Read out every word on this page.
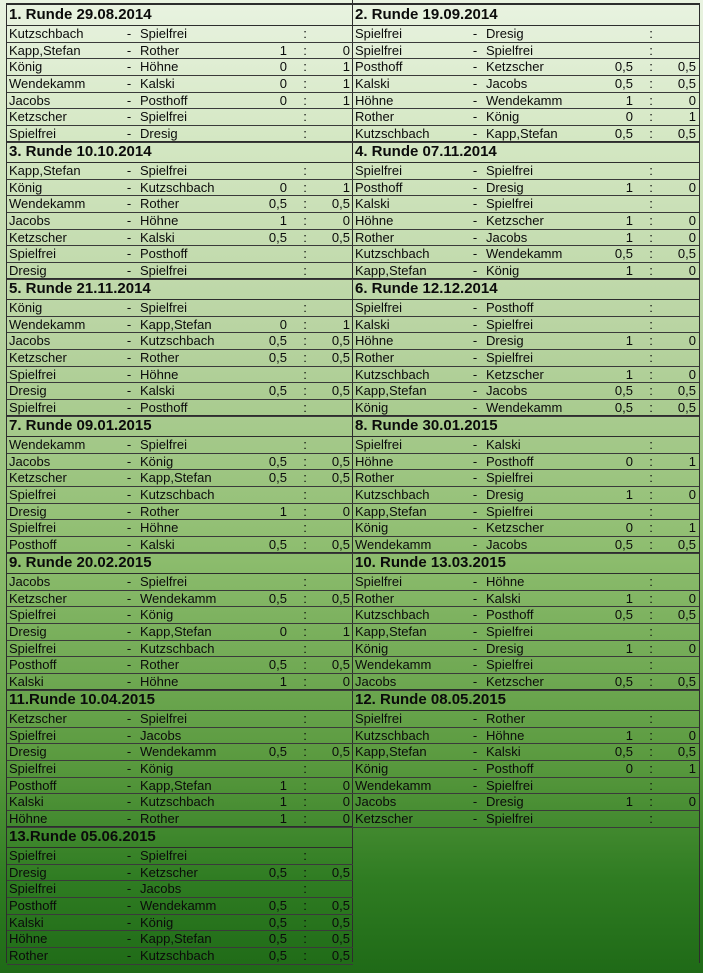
1. Runde 29.08.2014
Kutzschbach	- Spielfrei	:
Kapp,Stefan	- Rother	1 :	0
König	- Höhne	0 :	1
Wendekamm	- Kalski	0 :	1
Jacobs	- Posthoff	0 :	1
Ketzscher	- Spielfrei	:
Spielfrei	- Dresig	:
2. Runde 19.09.2014
Spielfrei	- Dresig	:
Spielfrei	- Spielfrei	:
Posthoff	- Ketzscher	0,5 :	0,5
Kalski	- Jacobs	0,5 :	0,5
Höhne	- Wendekamm	1 :	0
Rother	- König	0 :	1
Kutzschbach	- Kapp,Stefan	0,5 :	0,5
3. Runde 10.10.2014
Kapp,Stefan	- Spielfrei	:
König	- Kutzschbach	0 :	1
Wendekamm	- Rother	0,5 :	0,5
Jacobs	- Höhne	1 :	0
Ketzscher	- Kalski	0,5 :	0,5
Spielfrei	- Posthoff	:
Dresig	- Spielfrei	:
4. Runde 07.11.2014
Spielfrei	- Spielfrei	:
Posthoff	- Dresig	1 :	0
Kalski	- Spielfrei	:
Höhne	- Ketzscher	1 :	0
Rother	- Jacobs	1 :	0
Kutzschbach	- Wendekamm	0,5 :	0,5
Kapp,Stefan	- König	1 :	0
5. Runde 21.11.2014
König	- Spielfrei	:
Wendekamm	- Kapp,Stefan	0 :	1
Jacobs	- Kutzschbach	0,5 :	0,5
Ketzscher	- Rother	0,5 :	0,5
Spielfrei	- Höhne	:
Dresig	- Kalski	0,5 :	0,5
Spielfrei	- Posthoff	:
6. Runde 12.12.2014
Spielfrei	- Posthoff	:
Kalski	- Spielfrei	:
Höhne	- Dresig	1 :	0
Rother	- Spielfrei	:
Kutzschbach	- Ketzscher	1 :	0
Kapp,Stefan	- Jacobs	0,5 :	0,5
König	- Wendekamm	0,5 :	0,5
7. Runde 09.01.2015
Wendekamm	- Spielfrei	:
Jacobs	- König	0,5 :	0,5
Ketzscher	- Kapp,Stefan	0,5 :	0,5
Spielfrei	- Kutzschbach	:
Dresig	- Rother	1 :	0
Spielfrei	- Höhne	:
Posthoff	- Kalski	0,5 :	0,5
8. Runde 30.01.2015
Spielfrei	- Kalski	:
Höhne	- Posthoff	0 :	1
Rother	- Spielfrei	:
Kutzschbach	- Dresig	1 :	0
Kapp,Stefan	- Spielfrei	:
König	- Ketzscher	0 :	1
Wendekamm	- Jacobs	0,5 :	0,5
9. Runde 20.02.2015
Jacobs	- Spielfrei	:
Ketzscher	- Wendekamm	0,5 :	0,5
Spielfrei	- König	:
Dresig	- Kapp,Stefan	0 :	1
Spielfrei	- Kutzschbach	:
Posthoff	- Rother	0,5 :	0,5
Kalski	- Höhne	1 :	0
10. Runde 13.03.2015
Spielfrei	- Höhne	:
Rother	- Kalski	1 :	0
Kutzschbach	- Posthoff	0,5 :	0,5
Kapp,Stefan	- Spielfrei	:
König	- Dresig	1 :	0
Wendekamm	- Spielfrei	:
Jacobs	- Ketzscher	0,5 :	0,5
11.Runde 10.04.2015
Ketzscher	- Spielfrei	:
Spielfrei	- Jacobs	:
Dresig	- Wendekamm	0,5 :	0,5
Spielfrei	- König	:
Posthoff	- Kapp,Stefan	1 :	0
Kalski	- Kutzschbach	1 :	0
Höhne	- Rother	1 :	0
12. Runde 08.05.2015
Spielfrei	- Rother	:
Kutzschbach	- Höhne	1 :	0
Kapp,Stefan	- Kalski	0,5 :	0,5
König	- Posthoff	0 :	1
Wendekamm	- Spielfrei	:
Jacobs	- Dresig	1 :	0
Ketzscher	- Spielfrei	:
13.Runde 05.06.2015
Spielfrei	- Spielfrei	:
Dresig	- Ketzscher	0,5 :	0,5
Spielfrei	- Jacobs	:
Posthoff	- Wendekamm	0,5 :	0,5
Kalski	- König	0,5 :	0,5
Höhne	- Kapp,Stefan	0,5 :	0,5
Rother	- Kutzschbach	0,5 :	0,5
